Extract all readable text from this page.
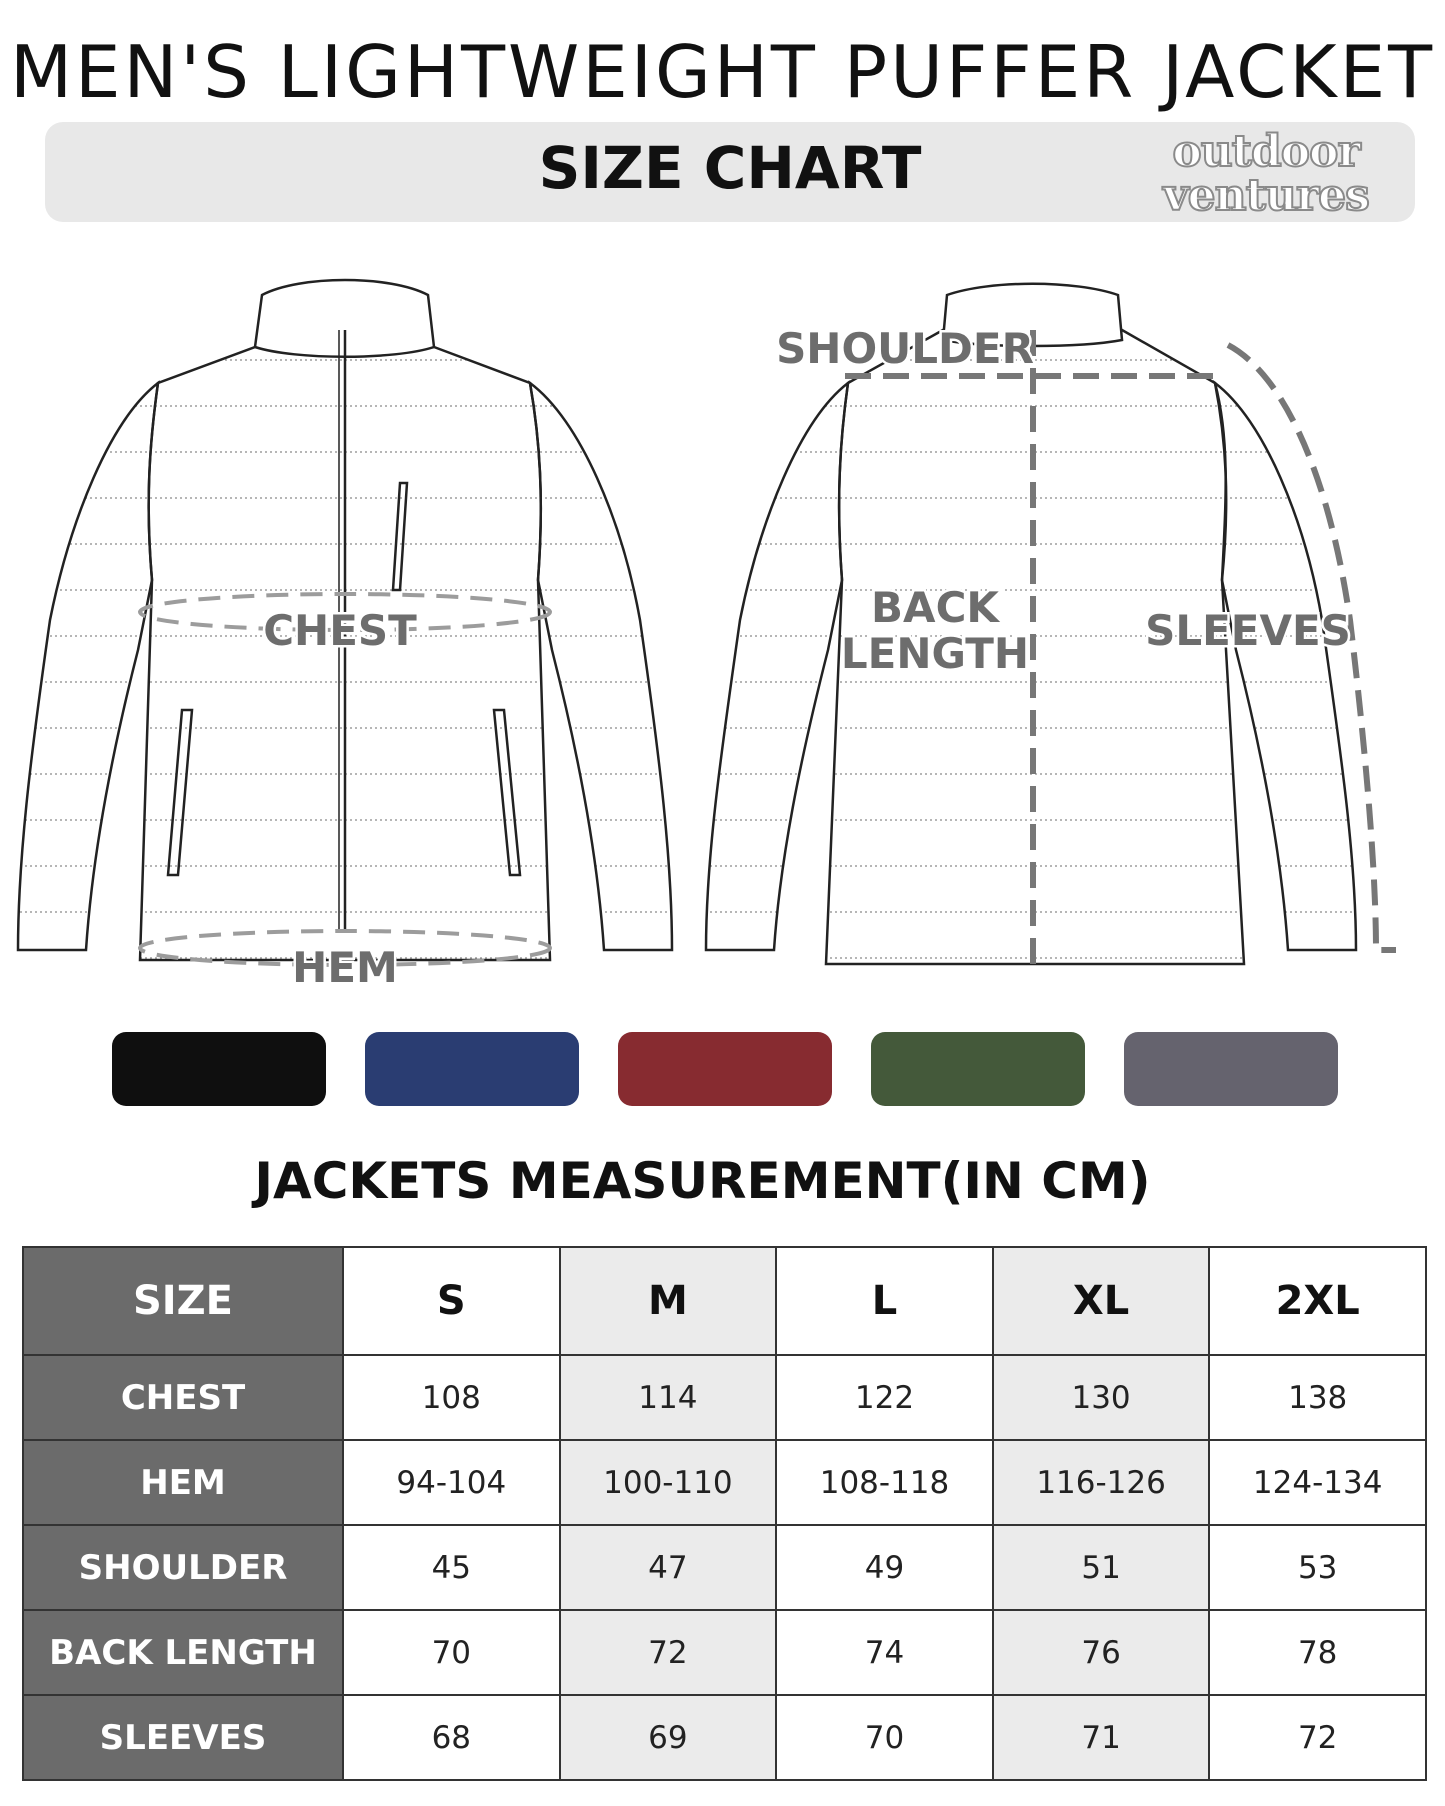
MEN'S LIGHTWEIGHT PUFFER JACKET
SIZE CHART	outdoor
ventures
CHEST
HEM
SHOULDER
BACK
LENGTH	SLEEVES
JACKETS MEASUREMENT(IN CM)
SIZE	S	M	L	XL	2XL
CHEST	108	114	122	130	138
HEM	94-104	100-110	108-118	116-126	124-134
SHOULDER	45	47	49	51	53
BACK LENGTH	70	72	74	76	78
SLEEVES	68	69	70	71	72
